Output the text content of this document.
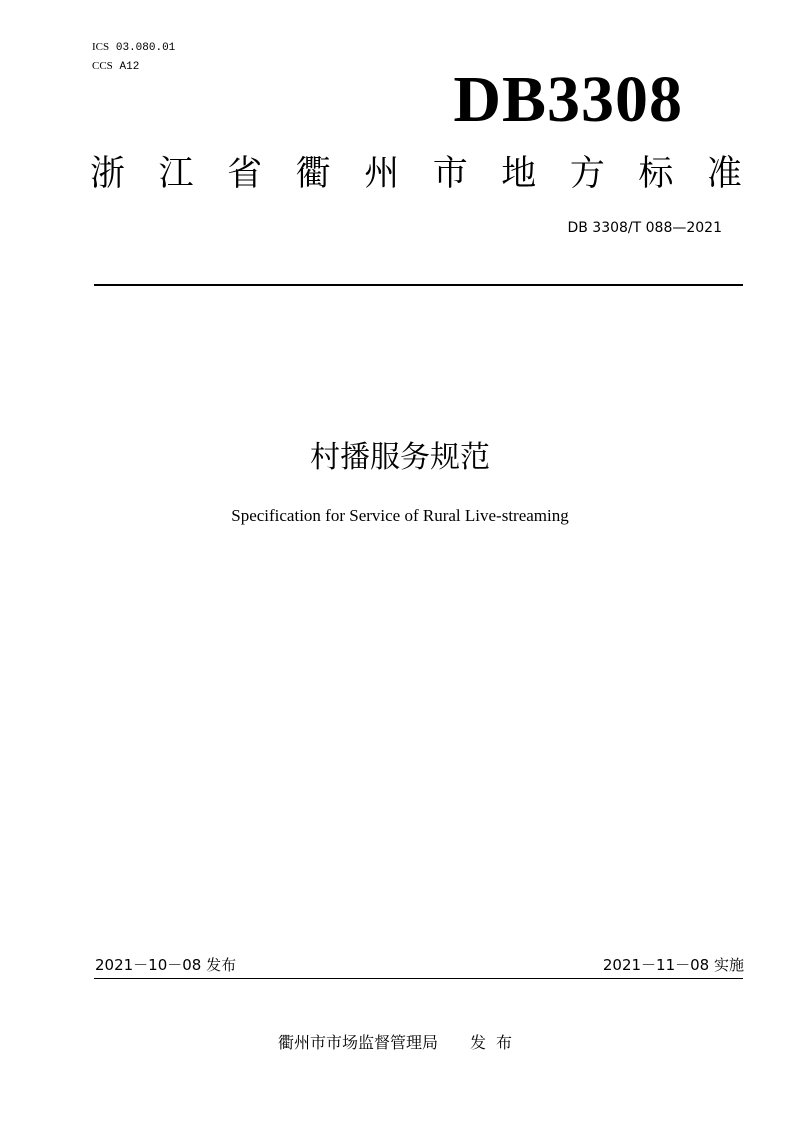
ICS 03.080.01
CCS A12	DB3308
浙 江 省 衢 州 市 地 方 标 准
DB 3308/T 088—2021
村播服务规范
Specification for Service of Rural Live-streaming
2021－10－08 发布	2021－11－08 实施
衢州市市场监督管理局 发布
